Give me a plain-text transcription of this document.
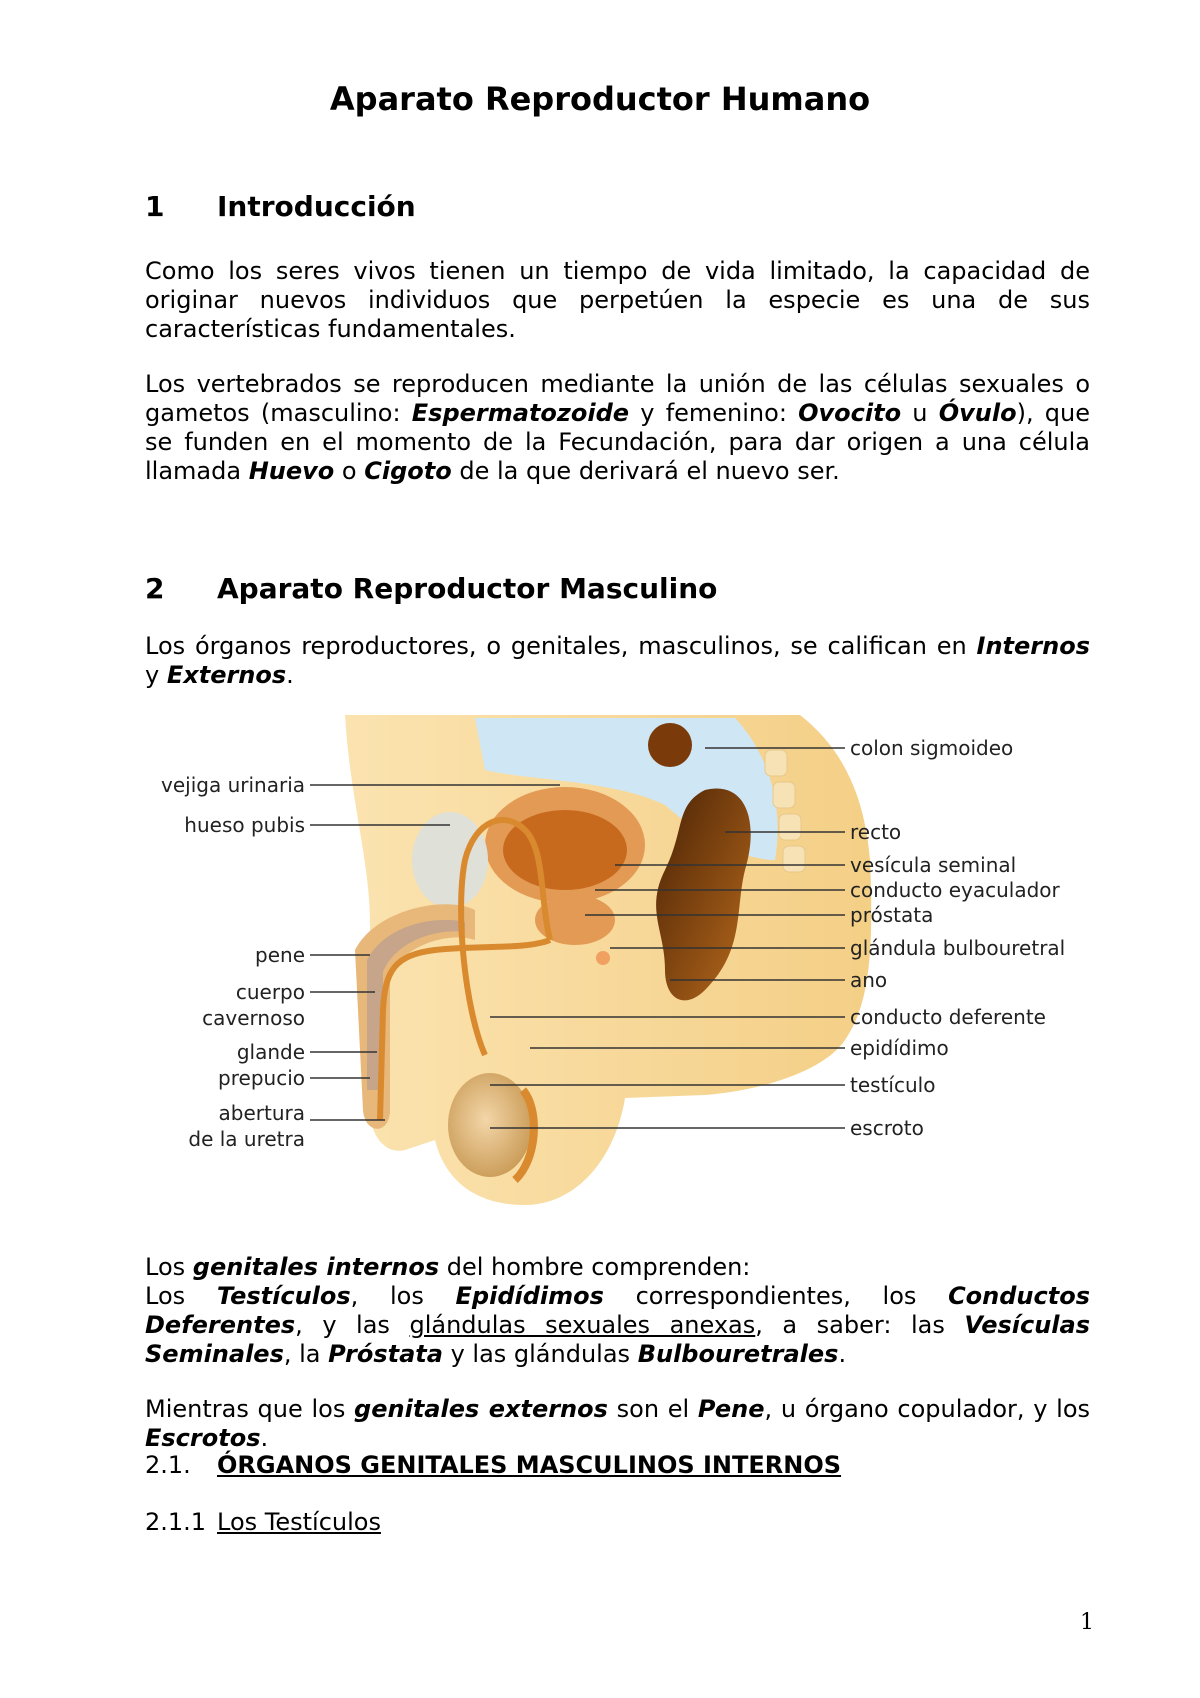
Aparato Reproductor Humano
1 Introducción
Como los seres vivos tienen un tiempo de vida limitado, la capacidad de originar nuevos individuos que perpetúen la especie es una de sus características fundamentales.
Los vertebrados se reproducen mediante la unión de las células sexuales o gametos (masculino: Espermatozoide y femenino: Ovocito u Óvulo), que se funden en el momento de la Fecundación, para dar origen a una célula llamada Huevo o Cigoto de la que derivará el nuevo ser.
2 Aparato Reproductor Masculino
Los órganos reproductores, o genitales, masculinos, se califican en Internos y Externos.
vejiga urinaria
hueso pubis
pene
cuerpo
cavernoso
glande
prepucio
abertura
de la uretra
colon sigmoideo
recto
vesícula seminal
conducto eyaculador
próstata
glándula bulbouretral
ano
conducto deferente
epidídimo
testículo
escroto
Los genitales internos del hombre comprenden:
Los Testículos, los Epidídimos correspondientes, los Conductos Deferentes, y las glándulas sexuales anexas, a saber: las Vesículas Seminales, la Próstata y las glándulas Bulbouretrales.
Mientras que los genitales externos son el Pene, u órgano copulador, y los Escrotos.
2.1. ÓRGANOS GENITALES MASCULINOS INTERNOS
2.1.1 Los Testículos
1
